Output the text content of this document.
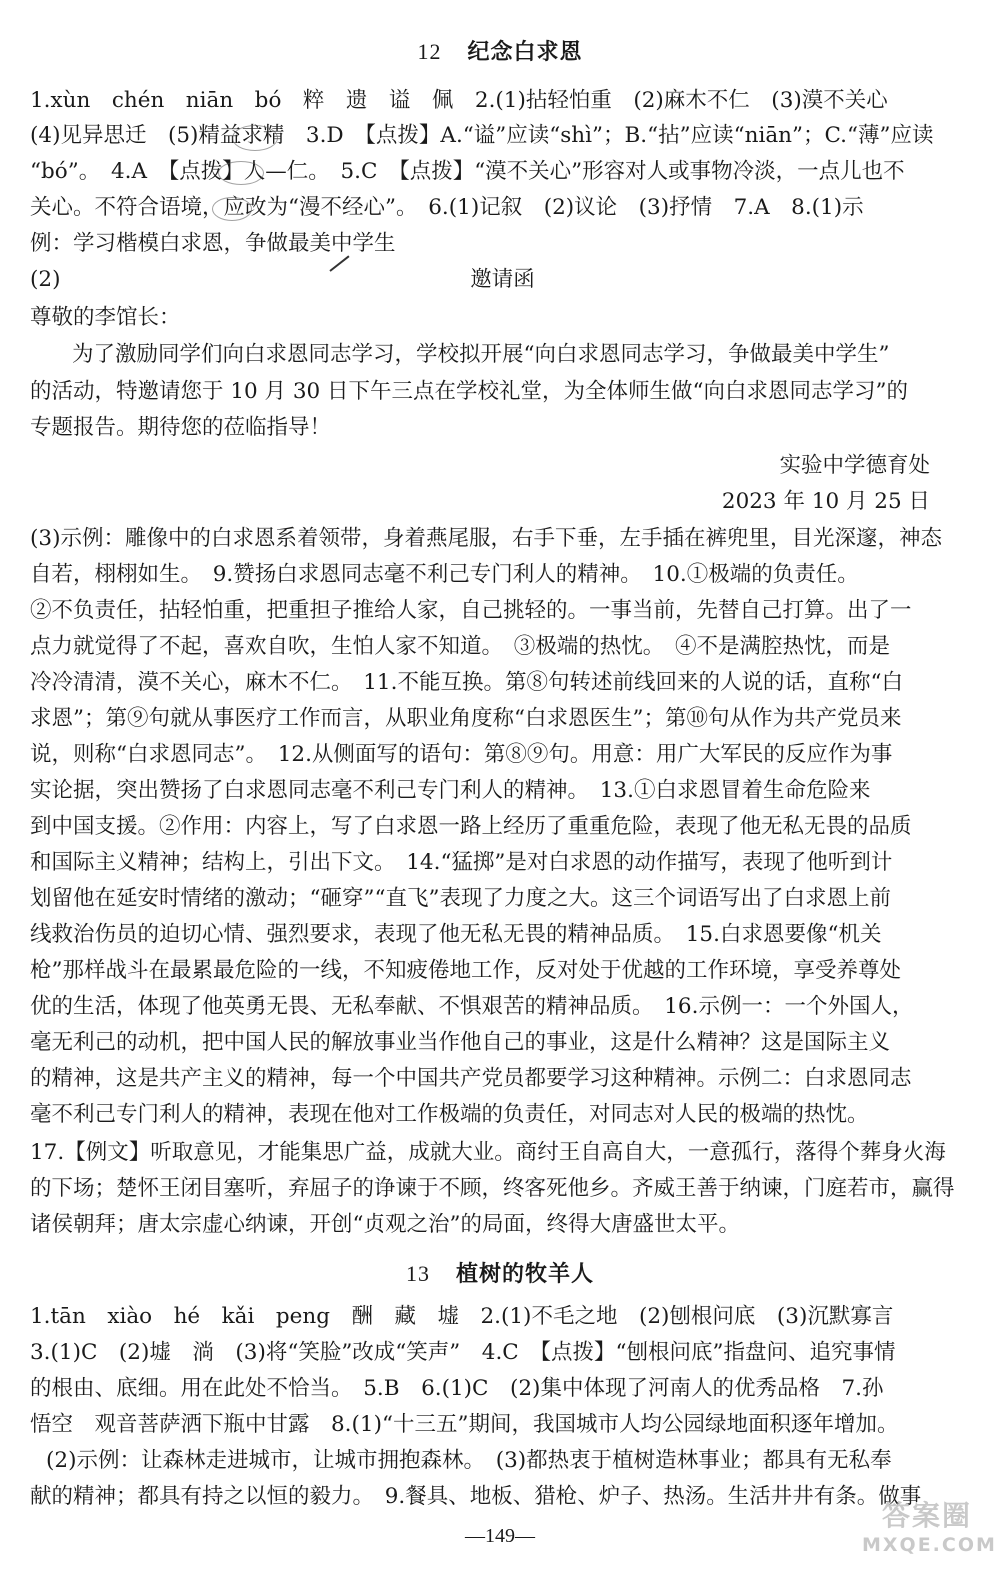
12 纪念白求恩
1.xùn　chén　niān　bó　粹　遗　谥　佩　2.(1)拈轻怕重　(2)麻木不仁　(3)漠不关心
(4)见异思迁　(5)精益求精　3.D　【点拨】A.“谥”应读“shì”；B.“拈”应读“niān”；C.“薄”应读
“bó”。　4.A　【点拨】人—仁。　5.C　【点拨】“漠不关心”形容对人或事物冷淡，一点儿也不
关心。不符合语境，应改为“漫不经心”。　6.(1)记叙　(2)议论　(3)抒情　7.A　8.(1)示
例：学习楷模白求恩，争做最美中学生
(2)	邀请函
尊敬的李馆长：
为了激励同学们向白求恩同志学习，学校拟开展“向白求恩同志学习，争做最美中学生”
的活动，特邀请您于 10 月 30 日下午三点在学校礼堂，为全体师生做“向白求恩同志学习”的
专题报告。期待您的莅临指导！
实验中学德育处
2023 年 10 月 25 日
(3)示例：雕像中的白求恩系着领带，身着燕尾服，右手下垂，左手插在裤兜里，目光深邃，神态
自若，栩栩如生。　9.赞扬白求恩同志毫不利己专门利人的精神。　10.①极端的负责任。
②不负责任，拈轻怕重，把重担子推给人家，自己挑轻的。一事当前，先替自己打算。出了一
点力就觉得了不起，喜欢自吹，生怕人家不知道。　③极端的热忱。　④不是满腔热忱，而是
冷冷清清，漠不关心，麻木不仁。　11.不能互换。第⑧句转述前线回来的人说的话，直称“白
求恩”；第⑨句就从事医疗工作而言，从职业角度称“白求恩医生”；第⑩句从作为共产党员来
说，则称“白求恩同志”。　12.从侧面写的语句：第⑧⑨句。用意：用广大军民的反应作为事
实论据，突出赞扬了白求恩同志毫不利己专门利人的精神。　13.①白求恩冒着生命危险来
到中国支援。②作用：内容上，写了白求恩一路上经历了重重危险，表现了他无私无畏的品质
和国际主义精神；结构上，引出下文。　14.“猛掷”是对白求恩的动作描写，表现了他听到计
划留他在延安时情绪的激动；“砸穿”“直飞”表现了力度之大。这三个词语写出了白求恩上前
线救治伤员的迫切心情、强烈要求，表现了他无私无畏的精神品质。　15.白求恩要像“机关
枪”那样战斗在最累最危险的一线，不知疲倦地工作，反对处于优越的工作环境，享受养尊处
优的生活，体现了他英勇无畏、无私奉献、不惧艰苦的精神品质。　16.示例一：一个外国人，
毫无利己的动机，把中国人民的解放事业当作他自己的事业，这是什么精神？这是国际主义
的精神，这是共产主义的精神，每一个中国共产党员都要学习这种精神。示例二：白求恩同志
毫不利己专门利人的精神，表现在他对工作极端的负责任，对同志对人民的极端的热忱。
17.【例文】听取意见，才能集思广益，成就大业。商纣王自高自大，一意孤行，落得个葬身火海
的下场；楚怀王闭目塞听，弃屈子的诤谏于不顾，终客死他乡。齐威王善于纳谏，门庭若市，赢得
诸侯朝拜；唐太宗虚心纳谏，开创“贞观之治”的局面，终得大唐盛世太平。
13 植树的牧羊人
1.tān　xiào　hé　kǎi　peng　酬　藏　墟　2.(1)不毛之地　(2)刨根问底　(3)沉默寡言
3.(1)C　(2)墟　淌　(3)将“笑脸”改成“笑声”　4.C　【点拨】“刨根问底”指盘问、追究事情
的根由、底细。用在此处不恰当。　5.B　6.(1)C　(2)集中体现了河南人的优秀品格　7.孙
悟空　观音菩萨洒下瓶中甘露　8.(1)“十三五”期间，我国城市人均公园绿地面积逐年增加。
(2)示例：让森林走进城市，让城市拥抱森林。　(3)都热衷于植树造林事业；都具有无私奉
献的精神；都具有持之以恒的毅力。　9.餐具、地板、猎枪、炉子、热汤。生活井井有条。做事
—149—
答案圈
MXQE.COM
